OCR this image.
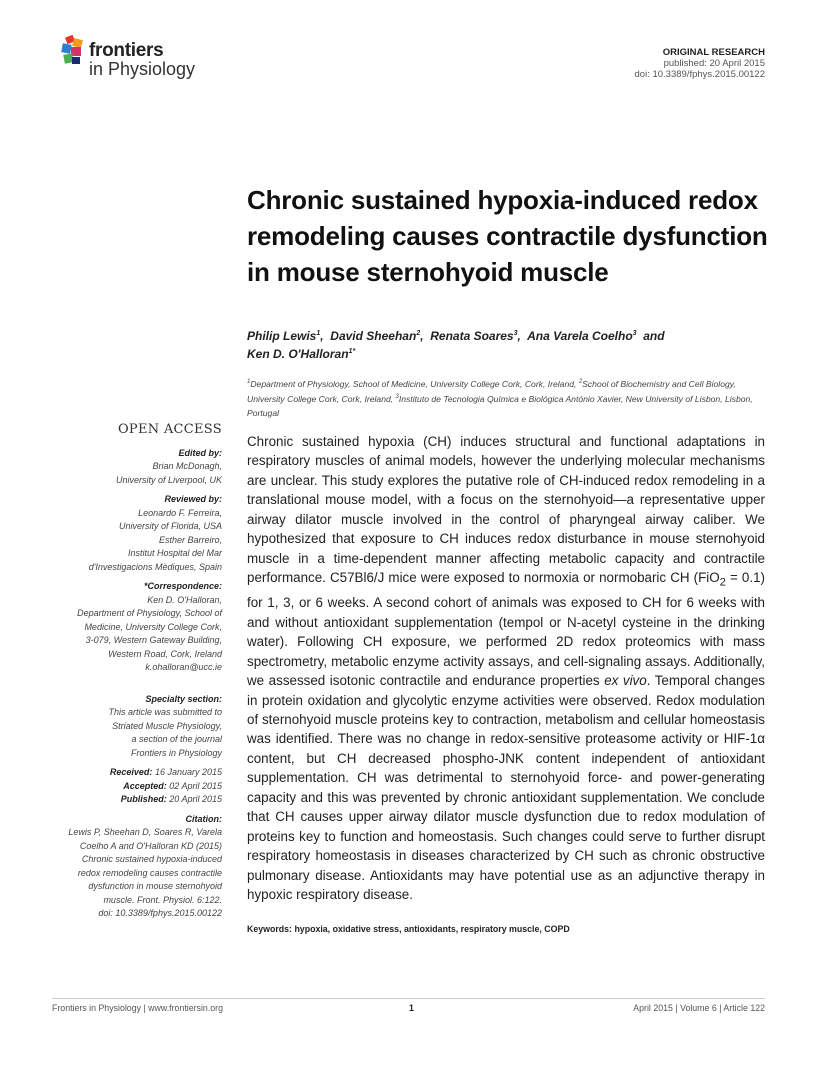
frontiers
in Physiology
ORIGINAL RESEARCH
published: 20 April 2015
doi: 10.3389/fphys.2015.00122
Chronic sustained hypoxia-induced redox remodeling causes contractile dysfunction in mouse sternohyoid muscle
Philip Lewis$^1$,  David Sheehan$^2$,  Renata Soares$^3$,  Ana Varela Coelho$^3$ and
Ken D. O'Halloran$^{1*}$
$^1$Department of Physiology, School of Medicine, University College Cork, Cork, Ireland, $^2$School of Biochemistry and Cell Biology, University College Cork, Cork, Ireland, $^3$Instituto de Tecnologia Química e Biológica António Xavier, New University of Lisbon, Lisbon, Portugal
OPEN ACCESS
Edited by:
Brian McDonagh,
University of Liverpool, UK
Reviewed by:
Leonardo F. Ferreira,
University of Florida, USA
Esther Barreiro,
Institut Hospital del Mar
d'Investigacions Mèdiques, Spain
*Correspondence:
Ken D. O'Halloran,
Department of Physiology, School of
Medicine, University College Cork,
3-079, Western Gateway Building,
Western Road, Cork, Ireland
k.ohalloran@ucc.ie
Specialty section:
This article was submitted to
Striated Muscle Physiology,
a section of the journal
Frontiers in Physiology
Received: 16 January 2015
Accepted: 02 April 2015
Published: 20 April 2015
Citation:
Lewis P, Sheehan D, Soares R, Varela
Coelho A and O'Halloran KD (2015)
Chronic sustained hypoxia-induced
redox remodeling causes contractile
dysfunction in mouse sternohyoid
muscle. Front. Physiol. 6:122.
doi: 10.3389/fphys.2015.00122
Chronic sustained hypoxia (CH) induces structural and functional adaptations in respiratory muscles of animal models, however the underlying molecular mechanisms are unclear. This study explores the putative role of CH-induced redox remodeling in a translational mouse model, with a focus on the sternohyoid—a representative upper airway dilator muscle involved in the control of pharyngeal airway caliber. We hypothesized that exposure to CH induces redox disturbance in mouse sternohyoid muscle in a time-dependent manner affecting metabolic capacity and contractile performance. C57Bl6/J mice were exposed to normoxia or normobaric CH (FiO$_2$ = 0.1) for 1, 3, or 6 weeks. A second cohort of animals was exposed to CH for 6 weeks with and without antioxidant supplementation (tempol or N-acetyl cysteine in the drinking water). Following CH exposure, we performed 2D redox proteomics with mass spectrometry, metabolic enzyme activity assays, and cell-signaling assays. Additionally, we assessed isotonic contractile and endurance properties ex vivo. Temporal changes in protein oxidation and glycolytic enzyme activities were observed. Redox modulation of sternohyoid muscle proteins key to contraction, metabolism and cellular homeostasis was identified. There was no change in redox-sensitive proteasome activity or HIF-1α content, but CH decreased phospho-JNK content independent of antioxidant supplementation. CH was detrimental to sternohyoid force- and power-generating capacity and this was prevented by chronic antioxidant supplementation. We conclude that CH causes upper airway dilator muscle dysfunction due to redox modulation of proteins key to function and homeostasis. Such changes could serve to further disrupt respiratory homeostasis in diseases characterized by CH such as chronic obstructive pulmonary disease. Antioxidants may have potential use as an adjunctive therapy in hypoxic respiratory disease.
Keywords: hypoxia, oxidative stress, antioxidants, respiratory muscle, COPD
Frontiers in Physiology | www.frontiersin.org	1	April 2015 | Volume 6 | Article 122
